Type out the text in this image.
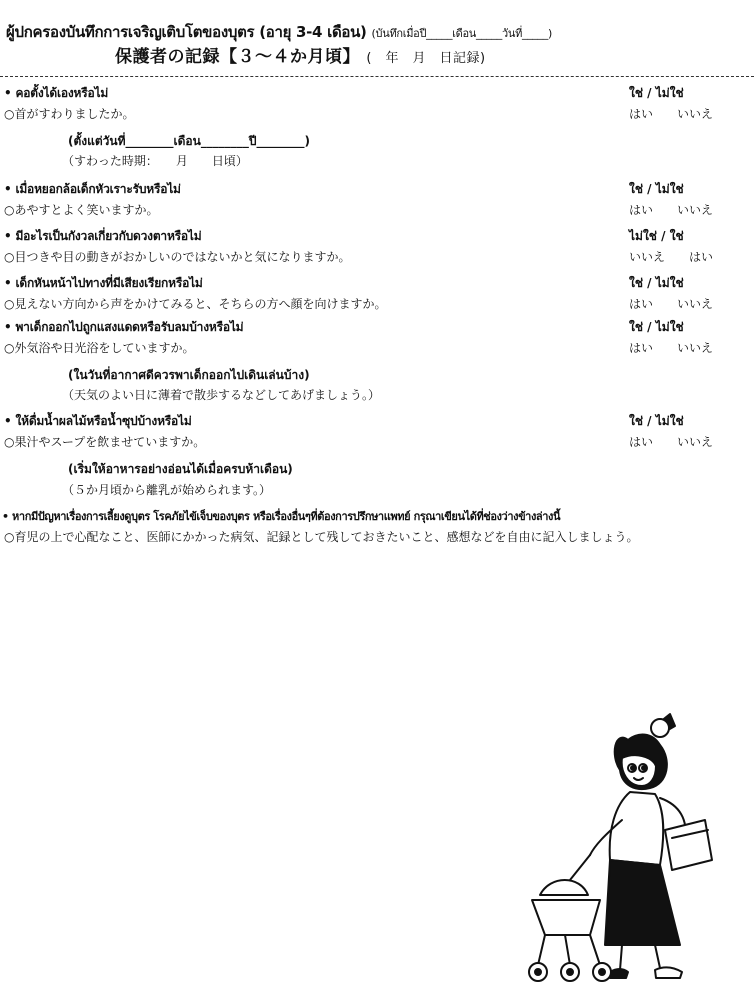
ผู้ปกครองบันทึกการเจริญเติบโตของบุตร (อายุ 3-4 เดือน) (บันทึกเมื่อปี_____เดือน_____วันที่_____)
保護者の記録【３～４か月頃】 (　年　月　日記録)
• คอตั้งได้เองหรือไม่
○首がすわりましたか。
ใช่ / ไม่ใช่
はい　　いいえ
(ตั้งแต่วันที่________เดือน________ปี________)
（すわった時期：　　月　　日頃）
• เมื่อหยอกล้อเด็กหัวเราะรับหรือไม่
○あやすとよく笑いますか。
ใช่ / ไม่ใช่
はい　　いいえ
• มีอะไรเป็นกังวลเกี่ยวกับดวงตาหรือไม่
○目つきや目の動きがおかしいのではないかと気になりますか。
ไม่ใช่ / ใช่
いいえ　　はい
• เด็กหันหน้าไปทางที่มีเสียงเรียกหรือไม่
○見えない方向から声をかけてみると、そちらの方へ顔を向けますか。
ใช่ / ไม่ใช่
はい　　いいえ
• พาเด็กออกไปถูกแสงแดดหรือรับลมบ้างหรือไม่
○外気浴や日光浴をしていますか。
ใช่ / ไม่ใช่
はい　　いいえ
(ในวันที่อากาศดีควรพาเด็กออกไปเดินเล่นบ้าง)
（天気のよい日に薄着で散歩するなどしてあげましょう。）
• ให้ดื่มน้ำผลไม้หรือน้ำซุปบ้างหรือไม่
○果汁やスープを飲ませていますか。
ใช่ / ไม่ใช่
はい　　いいえ
(เริ่มให้อาหารอย่างอ่อนได้เมื่อครบห้าเดือน)
（５か月頃から離乳が始められます。）
• หากมีปัญหาเรื่องการเลี้ยงดูบุตร โรคภัยไข้เจ็บของบุตร หรือเรื่องอื่นๆที่ต้องการปรึกษาแพทย์ กรุณาเขียนได้ที่ช่องว่างข้างล่างนี้
○育児の上で心配なこと、医師にかかった病気、記録として残しておきたいこと、感想などを自由に記入しましょう。
